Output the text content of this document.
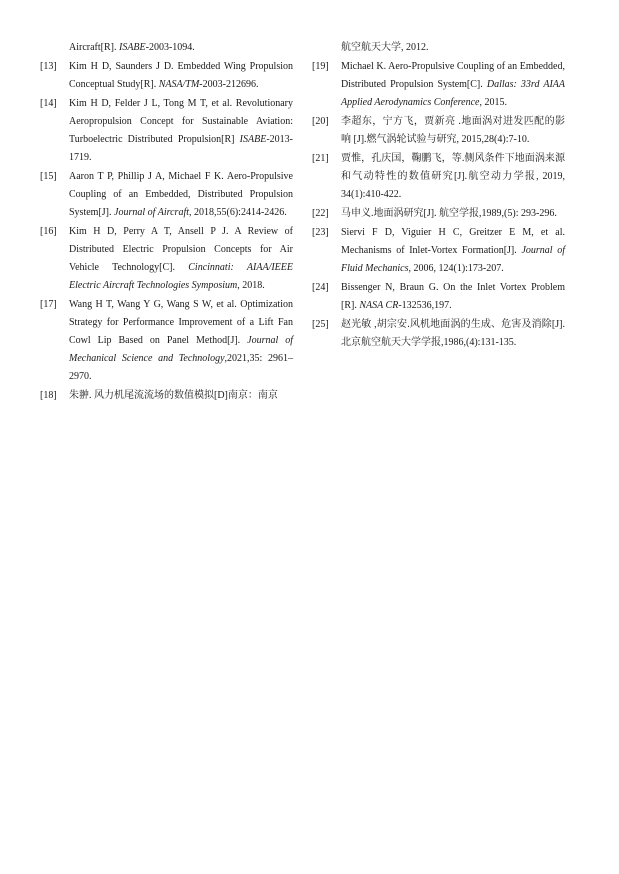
Aircraft[R]. ISABE-2003-1094.
[13]	Kim H D, Saunders J D. Embedded Wing Propulsion Conceptual Study[R]. NASA/TM-2003-212696.
[14]	Kim H D, Felder J L, Tong M T, et al. Revolutionary Aeropropulsion Concept for Sustainable Aviation: Turboelectric Distributed Propulsion[R] ISABE-2013-1719.
[15]	Aaron T P, Phillip J A, Michael F K. Aero-Propulsive Coupling of an Embedded, Distributed Propulsion System[J]. Journal of Aircraft, 2018,55(6):2414-2426.
[16]	Kim H D, Perry A T, Ansell P J. A Review of Distributed Electric Propulsion Concepts for Air Vehicle Technology[C]. Cincinnati: AIAA/IEEE Electric Aircraft Technologies Symposium, 2018.
[17]	Wang H T, Wang Y G, Wang S W, et al. Optimization Strategy for Performance Improvement of a Lift Fan Cowl Lip Based on Panel Method[J]. Journal of Mechanical Science and Technology,2021,35: 2961–2970.
[18]	朱翀. 风力机尾流流场的数值模拟[D]南京：南京
航空航天大学, 2012.
[19]	Michael K. Aero-Propulsive Coupling of an Embedded, Distributed Propulsion System[C]. Dallas: 33rd AIAA Applied Aerodynamics Conference, 2015.
[20]	李超东，宁方飞，贾新亮 .地面涡对进发匹配的影响 [J].燃气涡轮试验与研究, 2015,28(4):7-10.
[21]	贾惟，孔庆国，鞠鹏飞，等.侧风条件下地面涡来源和气动特性的数值研究[J].航空动力学报, 2019, 34(1):410-422.
[22]	马申义.地面涡研究[J]. 航空学报,1989,(5): 293-296.
[23]	Siervi F D, Viguier H C, Greitzer E M, et al. Mechanisms of Inlet-Vortex Formation[J]. Journal of Fluid Mechanics, 2006, 124(1):173-207.
[24]	Bissenger N, Braun G. On the Inlet Vortex Problem [R]. NASA CR-132536,197.
[25]	赵光敏 ,胡宗安.风机地面涡的生成、危害及消除[J].北京航空航天大学学报,1986,(4):131-135.
